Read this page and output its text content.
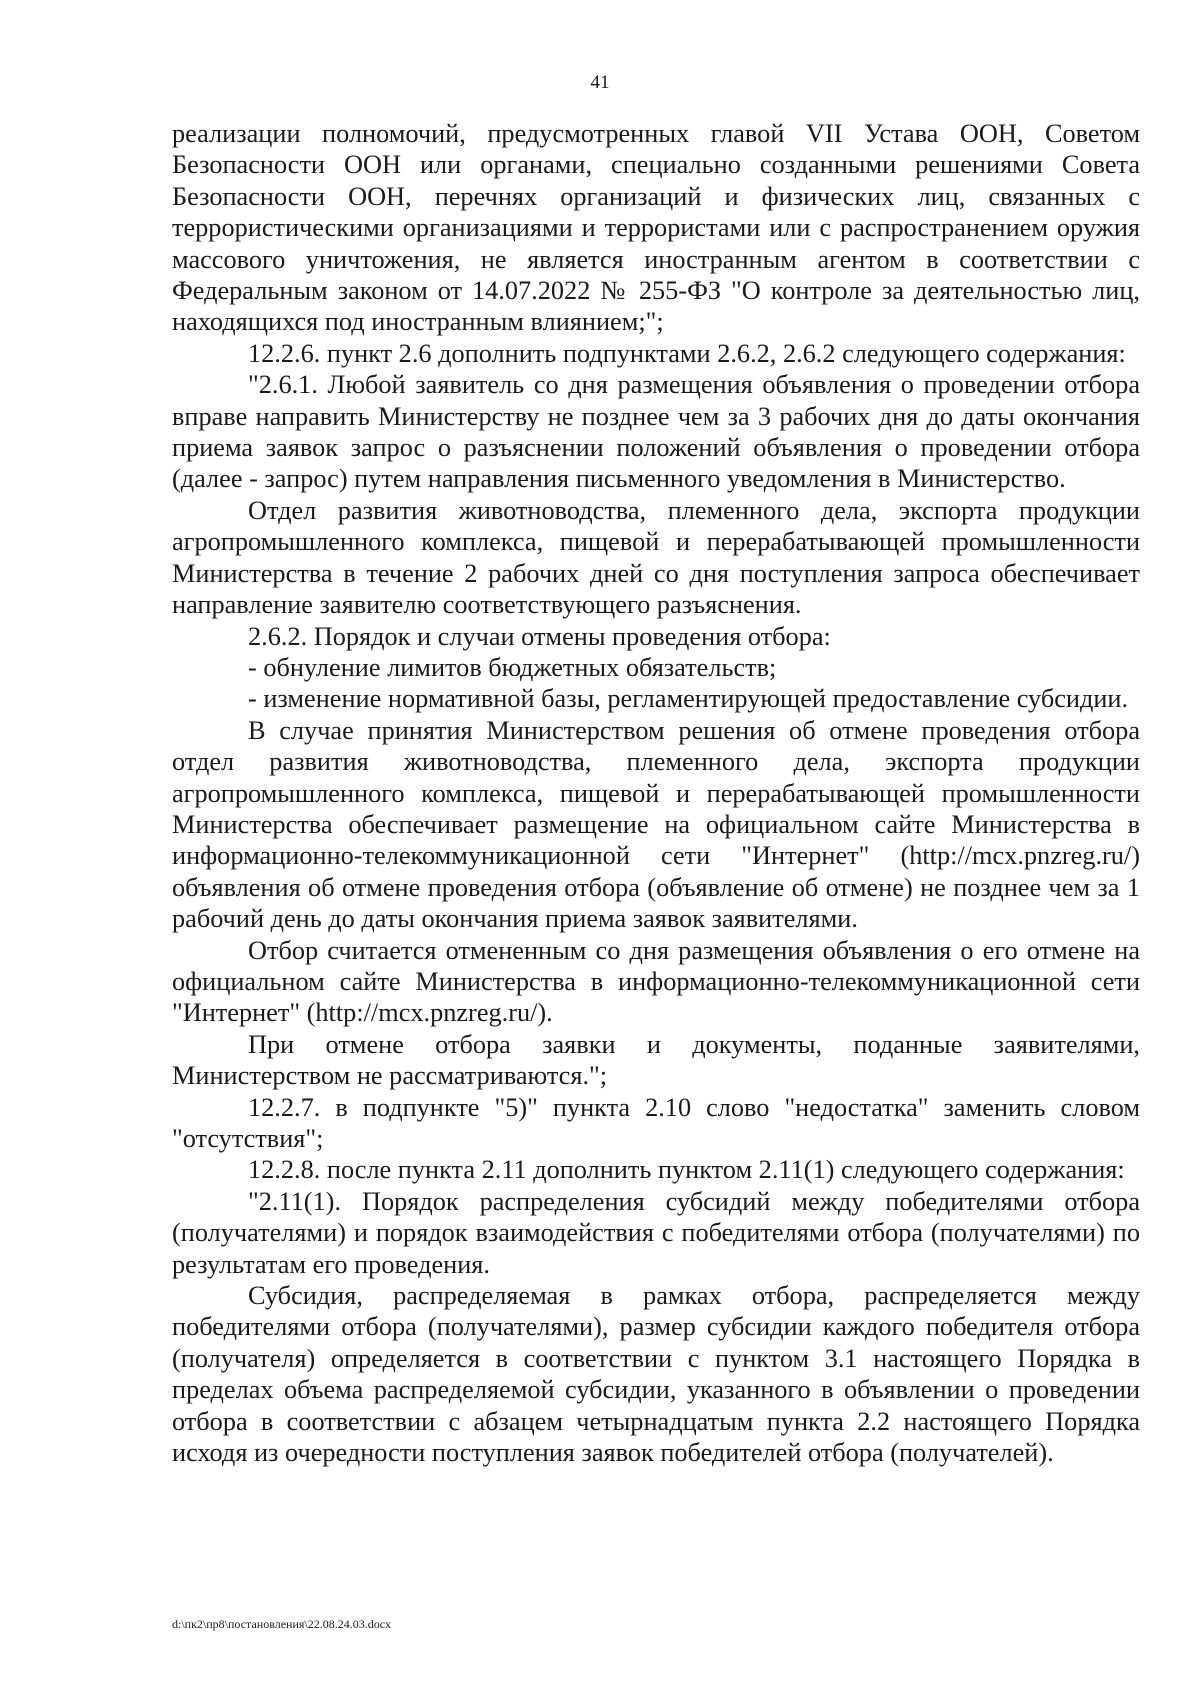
41

реализации полномочий, предусмотренных главой VII Устава ООН, Советом Безопасности ООН или органами, специально созданными решениями Совета Безопасности ООН, перечнях организаций и физических лиц, связанных с террористическими организациями и террористами или с распространением оружия массового уничтожения, не является иностранным агентом в соответствии с Федеральным законом от 14.07.2022 № 255-ФЗ "О контроле за деятельностью лиц, находящихся под иностранным влиянием;";

12.2.6. пункт 2.6 дополнить подпунктами 2.6.2, 2.6.2 следующего содержания:

"2.6.1. Любой заявитель со дня размещения объявления о проведении отбора вправе направить Министерству не позднее чем за 3 рабочих дня до даты окончания приема заявок запрос о разъяснении положений объявления о проведении отбора (далее - запрос) путем направления письменного уведомления в Министерство.

Отдел развития животноводства, племенного дела, экспорта продукции агропромышленного комплекса, пищевой и перерабатывающей промышленности Министерства в течение 2 рабочих дней со дня поступления запроса обеспечивает направление заявителю соответствующего разъяснения.

2.6.2. Порядок и случаи отмены проведения отбора:

- обнуление лимитов бюджетных обязательств;

- изменение нормативной базы, регламентирующей предоставление субсидии.

В случае принятия Министерством решения об отмене проведения отбора отдел развития животноводства, племенного дела, экспорта продукции агропромышленного комплекса, пищевой и перерабатывающей промышленности Министерства обеспечивает размещение на официальном сайте Министерства в информационно-телекоммуникационной сети "Интернет" (http://mcx.pnzreg.ru/) объявления об отмене проведения отбора (объявление об отмене) не позднее чем за 1 рабочий день до даты окончания приема заявок заявителями.

Отбор считается отмененным со дня размещения объявления о его отмене на официальном сайте Министерства в информационно-телекоммуникационной сети "Интернет" (http://mcx.pnzreg.ru/).

При отмене отбора заявки и документы, поданные заявителями, Министерством не рассматриваются.";

12.2.7. в подпункте "5)" пункта 2.10 слово "недостатка" заменить словом "отсутствия";

12.2.8. после пункта 2.11 дополнить пунктом 2.11(1) следующего содержания:

"2.11(1). Порядок распределения субсидий между победителями отбора (получателями) и порядок взаимодействия с победителями отбора (получателями) по результатам его проведения.

Субсидия, распределяемая в рамках отбора, распределяется между победителями отбора (получателями), размер субсидии каждого победителя отбора (получателя) определяется в соответствии с пунктом 3.1 настоящего Порядка в пределах объема распределяемой субсидии, указанного в объявлении о проведении отбора в соответствии с абзацем четырнадцатым пункта 2.2 настоящего Порядка исходя из очередности поступления заявок победителей отбора (получателей).

d:\пк2\пр8\постановления\22.08.24.03.docx
